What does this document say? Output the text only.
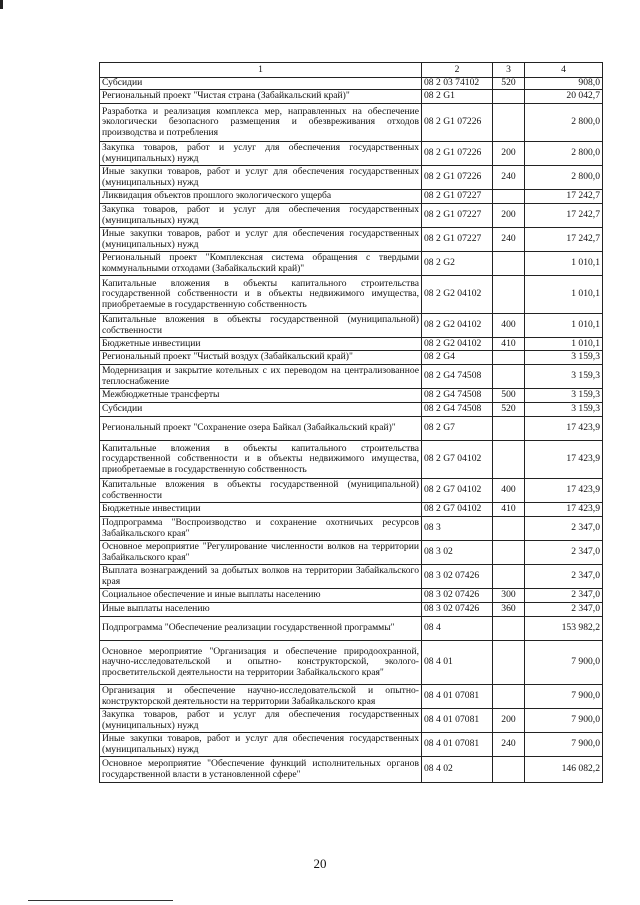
1	2	3	4
Субсидии	08 2 03 74102	520	908,0
Региональный проект "Чистая страна (Забайкальский край)"	08 2 G1		20 042,7
Разработка и реализация комплекса мер, направленных на обеспечение экологически безопасного размещения и обезвреживания отходов производства и потребления	08 2 G1 07226		2 800,0
Закупка товаров, работ и услуг для обеспечения государственных (муниципальных) нужд	08 2 G1 07226	200	2 800,0
Иные закупки товаров, работ и услуг для обеспечения государственных (муниципальных) нужд	08 2 G1 07226	240	2 800,0
Ликвидация объектов прошлого экологического ущерба	08 2 G1 07227		17 242,7
Закупка товаров, работ и услуг для обеспечения государственных (муниципальных) нужд	08 2 G1 07227	200	17 242,7
Иные закупки товаров, работ и услуг для обеспечения государственных (муниципальных) нужд	08 2 G1 07227	240	17 242,7
Региональный проект "Комплексная система обращения с твердыми коммунальными отходами (Забайкальский край)"	08 2 G2		1 010,1
Капитальные вложения в объекты капитального строительства государственной собственности и в объекты недвижимого имущества, приобретаемые в государственную собственность	08 2 G2 04102		1 010,1
Капитальные вложения в объекты государственной (муниципальной) собственности	08 2 G2 04102	400	1 010,1
Бюджетные инвестиции	08 2 G2 04102	410	1 010,1
Региональный проект "Чистый воздух (Забайкальский край)"	08 2 G4		3 159,3
Модернизация и закрытие котельных с их переводом на централизованное теплоснабжение	08 2 G4 74508		3 159,3
Межбюджетные трансферты	08 2 G4 74508	500	3 159,3
Субсидии	08 2 G4 74508	520	3 159,3
Региональный проект "Сохранение озера Байкал (Забайкальский край)"	08 2 G7		17 423,9
Капитальные вложения в объекты капитального строительства государственной собственности и в объекты недвижимого имущества, приобретаемые в государственную собственность	08 2 G7 04102		17 423,9
Капитальные вложения в объекты государственной (муниципальной) собственности	08 2 G7 04102	400	17 423,9
Бюджетные инвестиции	08 2 G7 04102	410	17 423,9
Подпрограмма "Воспроизводство и сохранение охотничьих ресурсов Забайкальского края"	08 3		2 347,0
Основное мероприятие "Регулирование численности волков на территории Забайкальского края"	08 3 02		2 347,0
Выплата вознаграждений за добытых волков на территории Забайкальского края	08 3 02 07426		2 347,0
Социальное обеспечение и иные выплаты населению	08 3 02 07426	300	2 347,0
Иные выплаты населению	08 3 02 07426	360	2 347,0
Подпрограмма "Обеспечение реализации государственной программы"	08 4		153 982,2
Основное мероприятие "Организация и обеспечение природоохранной, научно-исследовательской и опытно- конструкторской, эколого-просветительской деятельности на территории Забайкальского края"	08 4 01		7 900,0
Организация и обеспечение научно-исследовательской и опытно-конструкторской деятельности на территории Забайкальского края	08 4 01 07081		7 900,0
Закупка товаров, работ и услуг для обеспечения государственных (муниципальных) нужд	08 4 01 07081	200	7 900,0
Иные закупки товаров, работ и услуг для обеспечения государственных (муниципальных) нужд	08 4 01 07081	240	7 900,0
Основное мероприятие "Обеспечение функций исполнительных органов государственной власти в установленной сфере"	08 4 02		146 082,2
20
